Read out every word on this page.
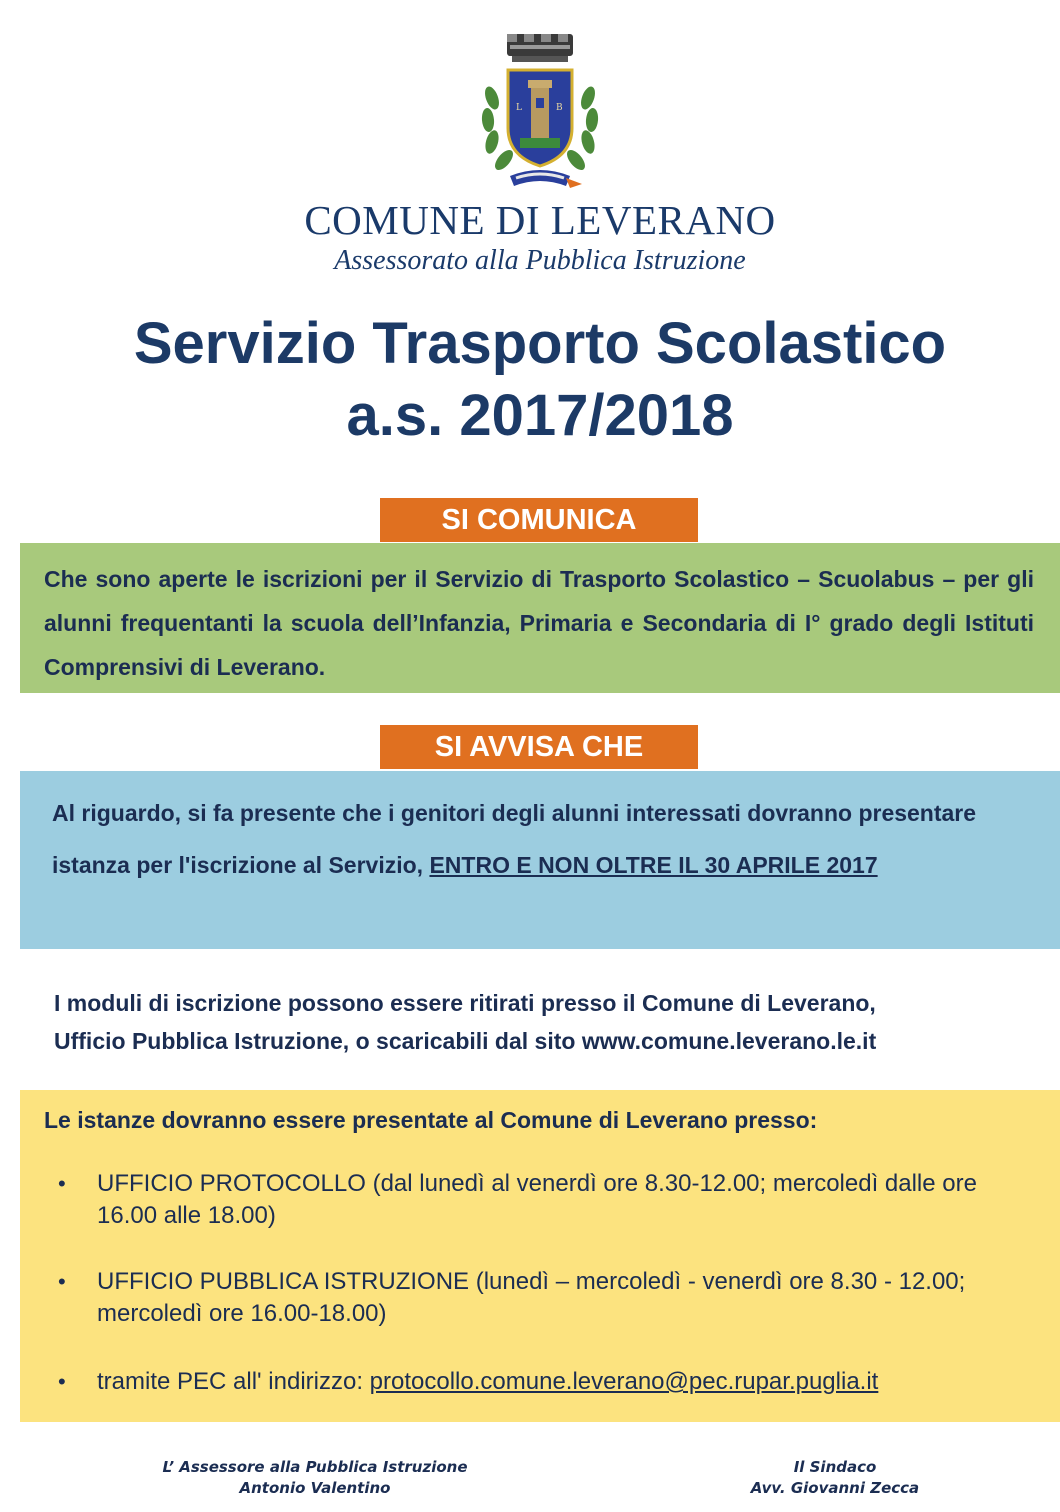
L	B
COMUNE DI LEVERANO
Assessorato alla Pubblica Istruzione
Servizio Trasporto Scolastico
a.s. 2017/2018
SI COMUNICA
Che sono aperte le iscrizioni per il Servizio di Trasporto Scolastico – Scuolabus – per gli alunni frequentanti la scuola dell’Infanzia, Primaria e Secondaria di I° grado degli Istituti Comprensivi di Leverano.
SI AVVISA CHE
Al riguardo, si fa presente che i genitori degli alunni interessati dovranno presentare istanza per l'iscrizione al Servizio, ENTRO E NON OLTRE IL 30 APRILE 2017
I moduli di iscrizione possono essere ritirati presso il Comune di Leverano,
Ufficio Pubblica Istruzione, o scaricabili dal sito www.comune.leverano.le.it
Le istanze dovranno essere presentate al Comune di Leverano presso:
• UFFICIO PROTOCOLLO (dal lunedì al venerdì ore 8.30-12.00; mercoledì dalle ore 16.00 alle 18.00)
• UFFICIO PUBBLICA ISTRUZIONE (lunedì – mercoledì - venerdì ore 8.30 - 12.00; mercoledì ore 16.00-18.00)
• tramite PEC all' indirizzo: protocollo.comune.leverano@pec.rupar.puglia.it
L’ Assessore alla Pubblica Istruzione
Antonio Valentino
Il Sindaco
Avv. Giovanni Zecca
